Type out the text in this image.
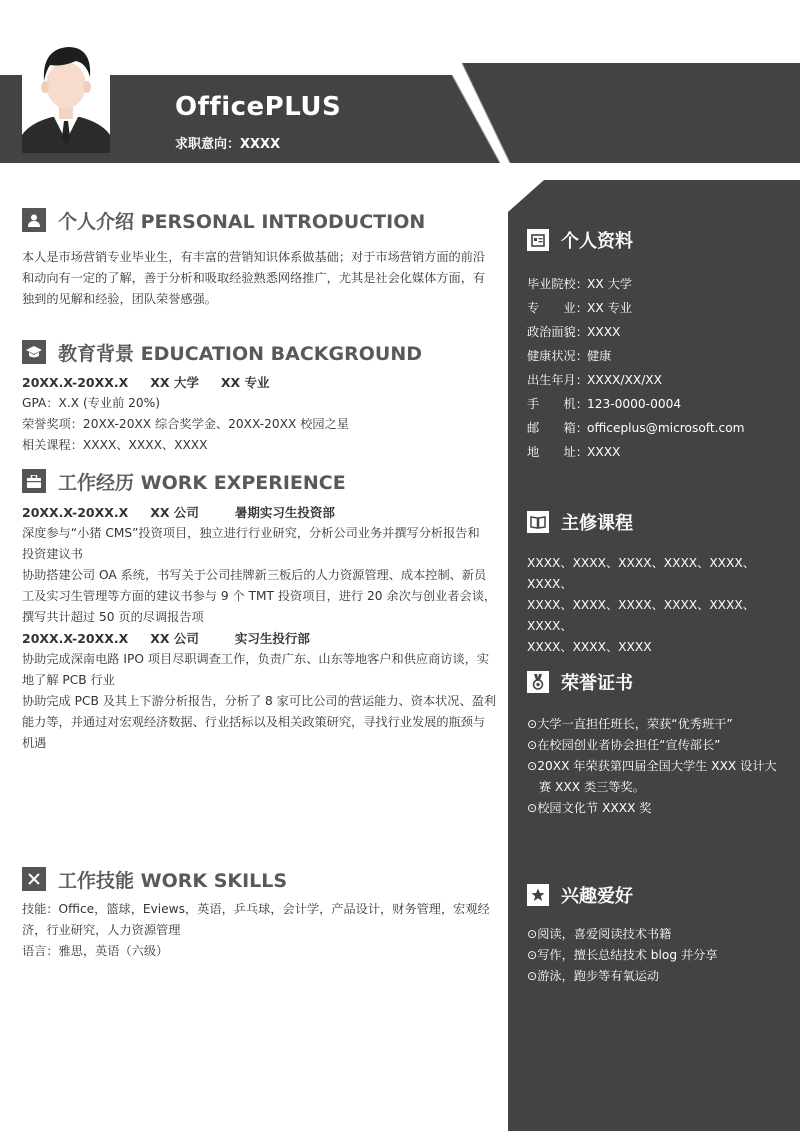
OfficePLUS
求职意向：XXXX
个人介绍 PERSONAL INTRODUCTION
本人是市场营销专业毕业生，有丰富的营销知识体系做基础；对于市场营销方面的前沿
和动向有一定的了解，善于分析和吸取经验熟悉网络推广，尤其是社会化媒体方面，有
独到的见解和经验，团队荣誉感强。
教育背景 EDUCATION BACKGROUND
20XX.X-20XX.X XX 大学 XX 专业
GPA：X.X (专业前 20%)
荣誉奖项：20XX-20XX 综合奖学金、20XX-20XX 校园之星
相关课程：XXXX、XXXX、XXXX
工作经历 WORK EXPERIENCE
20XX.X-20XX.X XX 公司	暑期实习生投资部
深度参与“小猪 CMS”投资项目，独立进行行业研究，分析公司业务并撰写分析报告和
投资建议书
协助搭建公司 OA 系统，书写关于公司挂牌新三板后的人力资源管理、成本控制、新员
工及实习生管理等方面的建议书参与 9 个 TMT 投资项目，进行 20 余次与创业者会谈，
撰写共计超过 50 页的尽调报告项
20XX.X-20XX.X XX 公司	实习生投行部
协助完成深南电路 IPO 项目尽职调查工作，负责广东、山东等地客户和供应商访谈，实
地了解 PCB 行业
协助完成 PCB 及其上下游分析报告，分析了 8 家可比公司的营运能力、资本状况、盈利
能力等，并通过对宏观经济数据、行业括标以及相关政策研究，寻找行业发展的瓶颈与
机遇
工作技能 WORK SKILLS
技能：Office，篮球，Eviews，英语，乒乓球，会计学，产品设计，财务管理，宏观经
济，行业研究，人力资源管理
语言：雅思，英语（六级）
个人资料
毕业院校： XX 大学
专　　业： XX 专业
政治面貌： XXXX
健康状况： 健康
出生年月： XXXX/XX/XX
手　　机： 123-0000-0004
邮　　箱： officeplus@microsoft.com
地　　址： XXXX
主修课程
XXXX、XXXX、XXXX、XXXX、XXXX、XXXX、
XXXX、XXXX、XXXX、XXXX、XXXX、XXXX、
XXXX、XXXX、XXXX
荣誉证书
⊙大学一直担任班长，荣获“优秀班干”
⊙在校园创业者协会担任“宣传部长”
⊙20XX 年荣获第四届全国大学生 XXX 设计大
赛 XXX 类三等奖。
⊙校园文化节 XXXX 奖
兴趣爱好
⊙阅读，喜爱阅读技术书籍
⊙写作，擅长总结技术 blog 并分享
⊙游泳，跑步等有氧运动
